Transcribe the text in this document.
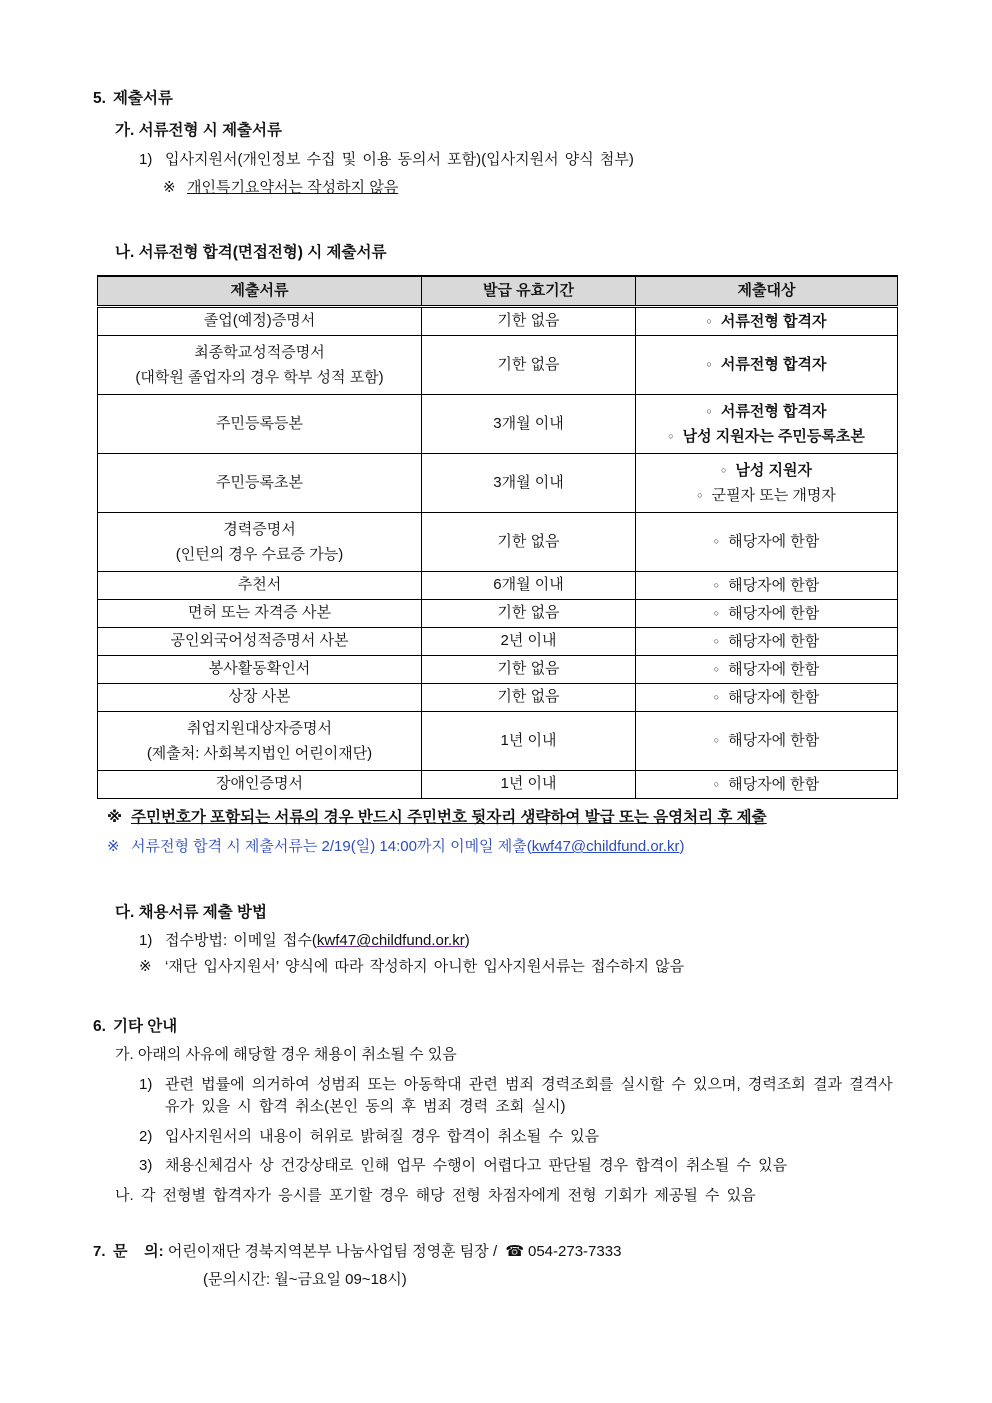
5. 제출서류
가. 서류전형 시 제출서류
1) 입사지원서(개인정보 수집 및 이용 동의서 포함)(입사지원서 양식 첨부)
※ 개인특기요약서는 작성하지 않음
나. 서류전형 합격(면접전형) 시 제출서류
제출서류	발급 유효기간	제출대상

졸업(예정)증명서	기한 없음	○ 서류전형 합격자

최종학교성적증명서
(대학원 졸업자의 경우 학부 성적 포함)	기한 없음	○ 서류전형 합격자

주민등록등본	3개월 이내	○ 서류전형 합격자
○ 남성 지원자는 주민등록초본

주민등록초본	3개월 이내	○ 남성 지원자
○ 군필자 또는 개명자

경력증명서
(인턴의 경우 수료증 가능)	기한 없음	○ 해당자에 한함

추천서	6개월 이내	○ 해당자에 한함

면허 또는 자격증 사본	기한 없음	○ 해당자에 한함

공인외국어성적증명서 사본	2년 이내	○ 해당자에 한함

봉사활동확인서	기한 없음	○ 해당자에 한함

상장 사본	기한 없음	○ 해당자에 한함

취업지원대상자증명서
(제출처: 사회복지법인 어린이재단)	1년 이내	○ 해당자에 한함

장애인증명서	1년 이내	○ 해당자에 한함
※ 주민번호가 포함되는 서류의 경우 반드시 주민번호 뒷자리 생략하여 발급 또는 음영처리 후 제출
※ 서류전형 합격 시 제출서류는 2/19(일) 14:00까지 이메일 제출(kwf47@childfund.or.kr)
다. 채용서류 제출 방법
1) 접수방법: 이메일 접수(kwf47@childfund.or.kr)
※ ‘재단 입사지원서’ 양식에 따라 작성하지 아니한 입사지원서류는 접수하지 않음
6. 기타 안내
가. 아래의 사유에 해당할 경우 채용이 취소될 수 있음
1) 관련 법률에 의거하여 성범죄 또는 아동학대 관련 범죄 경력조회를 실시할 수 있으며, 경력조회 결과 결격사유가 있을 시 합격 취소(본인 동의 후 범죄 경력 조회 실시)
2) 입사지원서의 내용이 허위로 밝혀질 경우 합격이 취소될 수 있음
3) 채용신체검사 상 건강상태로 인해 업무 수행이 어렵다고 판단될 경우 합격이 취소될 수 있음
나. 각 전형별 합격자가 응시를 포기할 경우 해당 전형 차점자에게 전형 기회가 제공될 수 있음
7. 문    의: 어린이재단 경북지역본부 나눔사업팀 정영훈 팀장 / ☎ 054-273-7333
(문의시간: 월~금요일 09~18시)
